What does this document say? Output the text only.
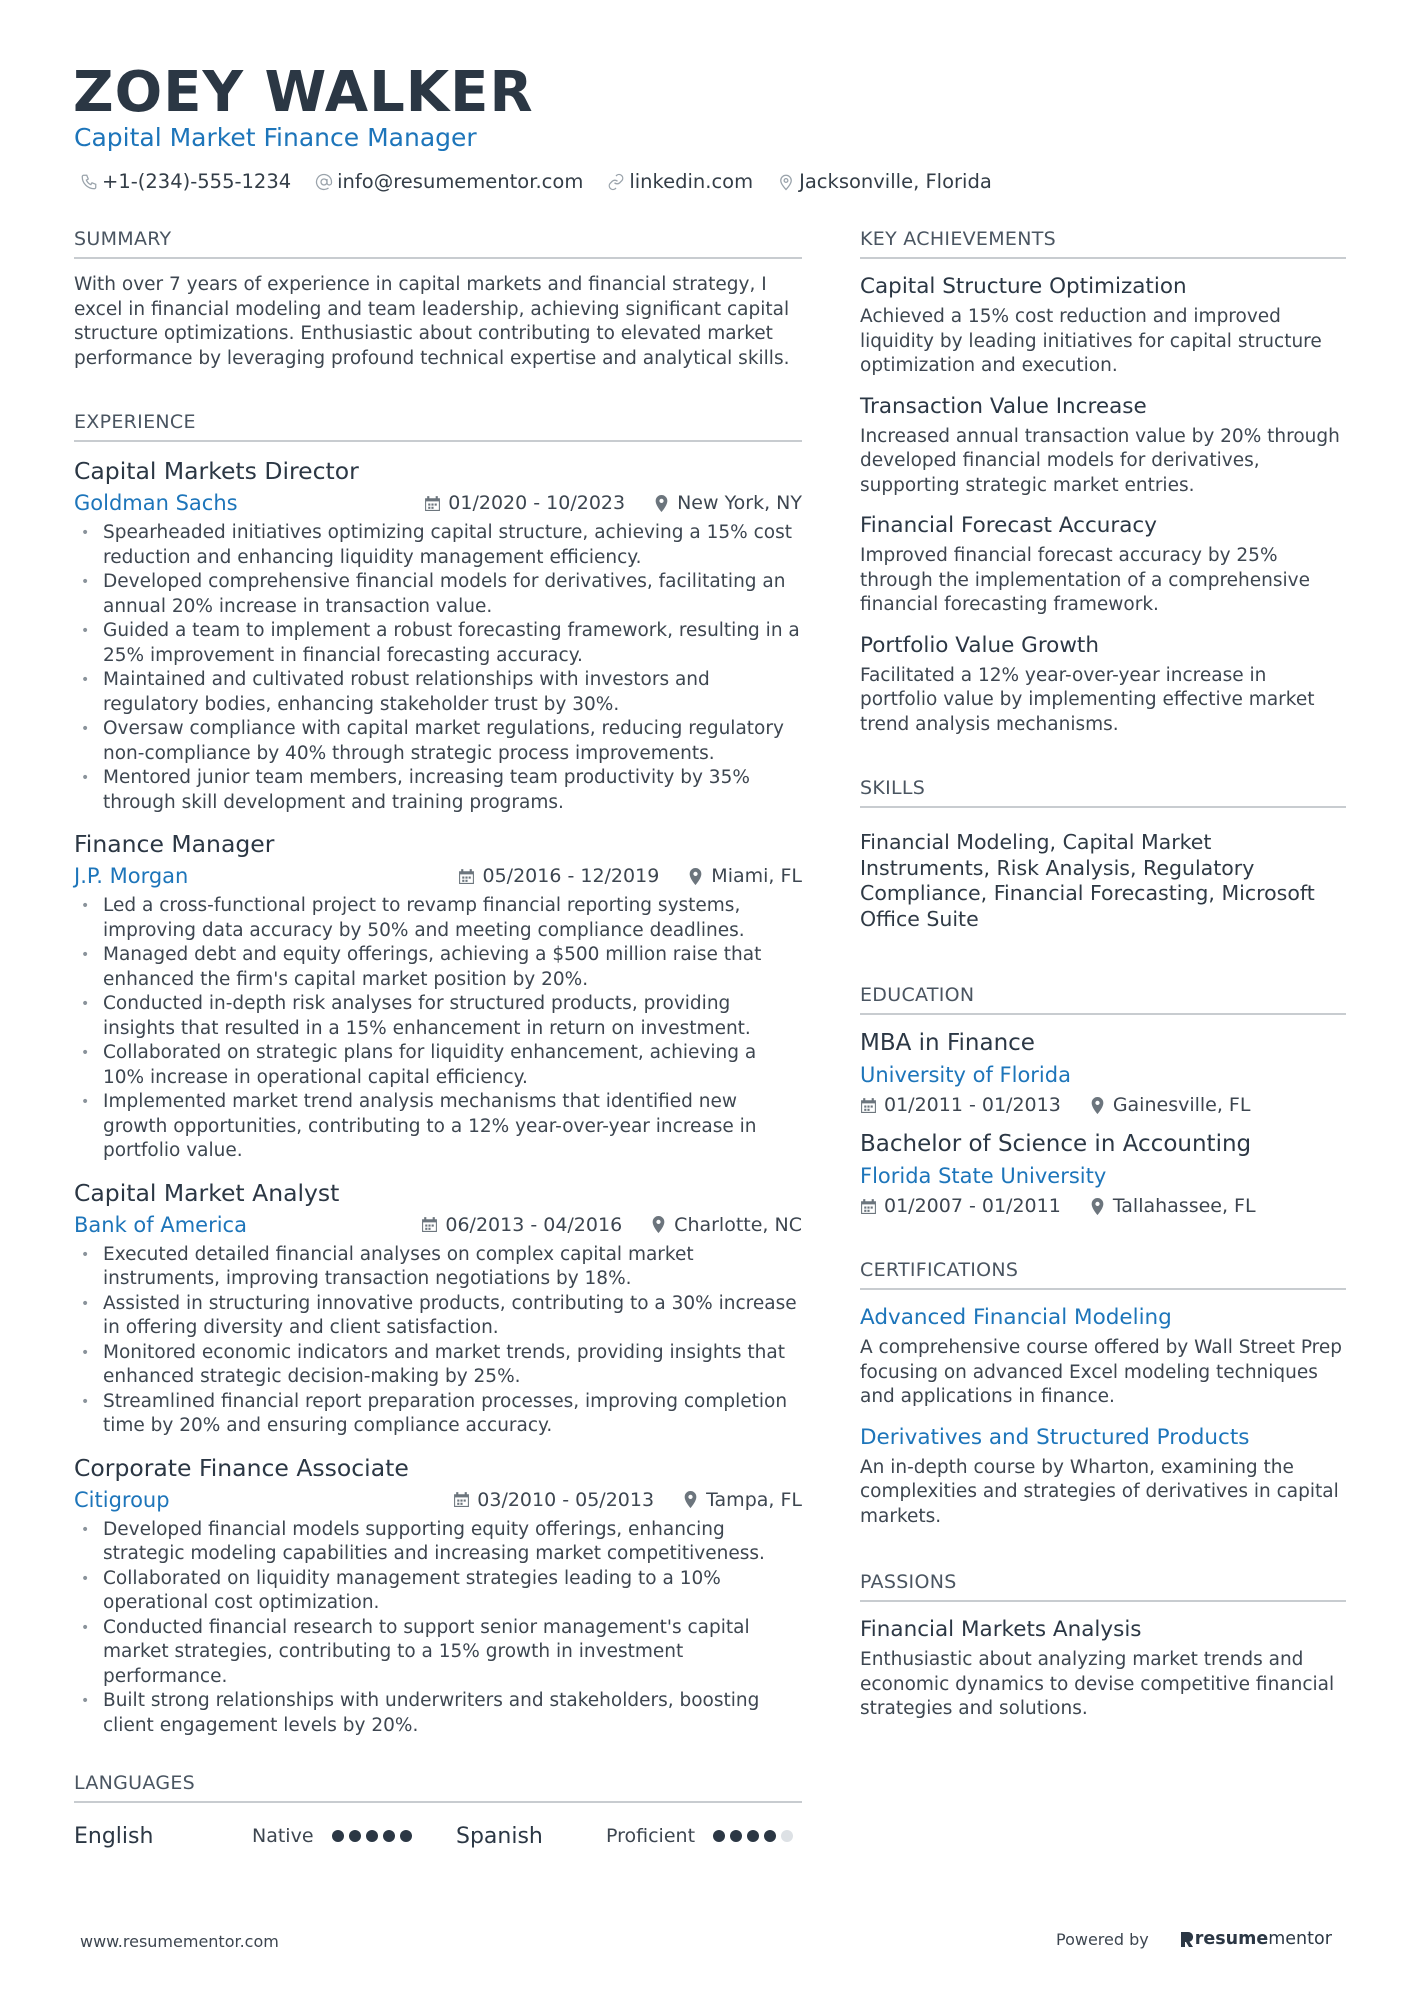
ZOEY WALKER
Capital Market Finance Manager
+1-(234)-555-1234 info@resumementor.com linkedin.com Jacksonville, Florida
SUMMARY
With over 7 years of experience in capital markets and financial strategy, I excel in financial modeling and team leadership, achieving significant capital structure optimizations. Enthusiastic about contributing to elevated market performance by leveraging profound technical expertise and analytical skills.
EXPERIENCE
Capital Markets Director
Goldman Sachs	01/2020 - 10/2023	New York, NY
• Spearheaded initiatives optimizing capital structure, achieving a 15% cost reduction and enhancing liquidity management efficiency.
• Developed comprehensive financial models for derivatives, facilitating an annual 20% increase in transaction value.
• Guided a team to implement a robust forecasting framework, resulting in a 25% improvement in financial forecasting accuracy.
• Maintained and cultivated robust relationships with investors and regulatory bodies, enhancing stakeholder trust by 30%.
• Oversaw compliance with capital market regulations, reducing regulatory non-compliance by 40% through strategic process improvements.
• Mentored junior team members, increasing team productivity by 35% through skill development and training programs.
Finance Manager
J.P. Morgan	05/2016 - 12/2019	Miami, FL
• Led a cross-functional project to revamp financial reporting systems, improving data accuracy by 50% and meeting compliance deadlines.
• Managed debt and equity offerings, achieving a $500 million raise that enhanced the firm's capital market position by 20%.
• Conducted in-depth risk analyses for structured products, providing insights that resulted in a 15% enhancement in return on investment.
• Collaborated on strategic plans for liquidity enhancement, achieving a 10% increase in operational capital efficiency.
• Implemented market trend analysis mechanisms that identified new growth opportunities, contributing to a 12% year-over-year increase in portfolio value.
Capital Market Analyst
Bank of America	06/2013 - 04/2016	Charlotte, NC
• Executed detailed financial analyses on complex capital market instruments, improving transaction negotiations by 18%.
• Assisted in structuring innovative products, contributing to a 30% increase in offering diversity and client satisfaction.
• Monitored economic indicators and market trends, providing insights that enhanced strategic decision-making by 25%.
• Streamlined financial report preparation processes, improving completion time by 20% and ensuring compliance accuracy.
Corporate Finance Associate
Citigroup	03/2010 - 05/2013	Tampa, FL
• Developed financial models supporting equity offerings, enhancing strategic modeling capabilities and increasing market competitiveness.
• Collaborated on liquidity management strategies leading to a 10% operational cost optimization.
• Conducted financial research to support senior management's capital market strategies, contributing to a 15% growth in investment performance.
• Built strong relationships with underwriters and stakeholders, boosting client engagement levels by 20%.
LANGUAGES
English	Native	Spanish	Proficient
KEY ACHIEVEMENTS
Capital Structure Optimization
Achieved a 15% cost reduction and improved liquidity by leading initiatives for capital structure optimization and execution.
Transaction Value Increase
Increased annual transaction value by 20% through developed financial models for derivatives, supporting strategic market entries.
Financial Forecast Accuracy
Improved financial forecast accuracy by 25% through the implementation of a comprehensive financial forecasting framework.
Portfolio Value Growth
Facilitated a 12% year-over-year increase in portfolio value by implementing effective market trend analysis mechanisms.
SKILLS
Financial Modeling, Capital Market Instruments, Risk Analysis, Regulatory Compliance, Financial Forecasting, Microsoft Office Suite
EDUCATION
MBA in Finance
University of Florida
01/2011 - 01/2013	Gainesville, FL
Bachelor of Science in Accounting
Florida State University
01/2007 - 01/2011	Tallahassee, FL
CERTIFICATIONS
Advanced Financial Modeling
A comprehensive course offered by Wall Street Prep focusing on advanced Excel modeling techniques and applications in finance.
Derivatives and Structured Products
An in-depth course by Wharton, examining the complexities and strategies of derivatives in capital markets.
PASSIONS
Financial Markets Analysis
Enthusiastic about analyzing market trends and economic dynamics to devise competitive financial strategies and solutions.
www.resumementor.com	Powered by	resume mentor
